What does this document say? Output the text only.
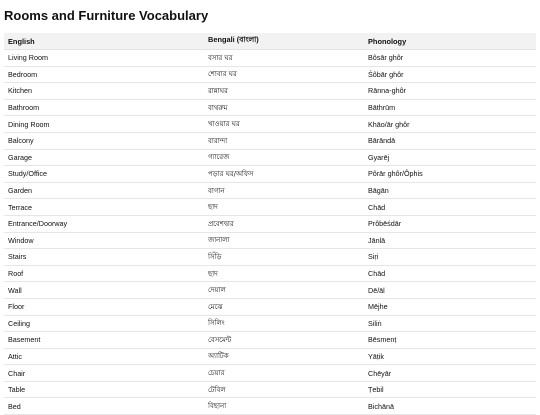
Rooms and Furniture Vocabulary
English	Bengali (বাংলা)	Phonology
Living Room	বসার ঘর	Bôsār ghôr
Bedroom	শোবার ঘর	Śôbār ghôr
Kitchen	রান্নাঘর	Rānna-ghôr
Bathroom	বাথরুম	Bāthrūm
Dining Room	খাওয়ার ঘর	Khāo/ār ghôr
Balcony	বারান্দা	Bārāndā
Garage	গ্যারেজ	Gyarēj
Study/Office	পড়ার ঘর/অফিস	Pôrār ghôr/Ôphis
Garden	বাগান	Bāgān
Terrace	ছাদ	Chād
Entrance/Doorway	প্রবেশদ্বার	Prôbēśdār
Window	জানালা	Jānlā
Stairs	সিঁড়ি	Siṛi
Roof	ছাদ	Chād
Wall	দেয়াল	Dē/āl
Floor	মেঝে	Mējhe
Ceiling	সিলিং	Siliṅ
Basement	বেসমেন্ট	Bēsmenṭ
Attic	অ্যাটিক	Yāṭik
Chair	চেয়ার	Chēyār
Table	টেবিল	Ṭebil
Bed	বিছানা	Bichānā
